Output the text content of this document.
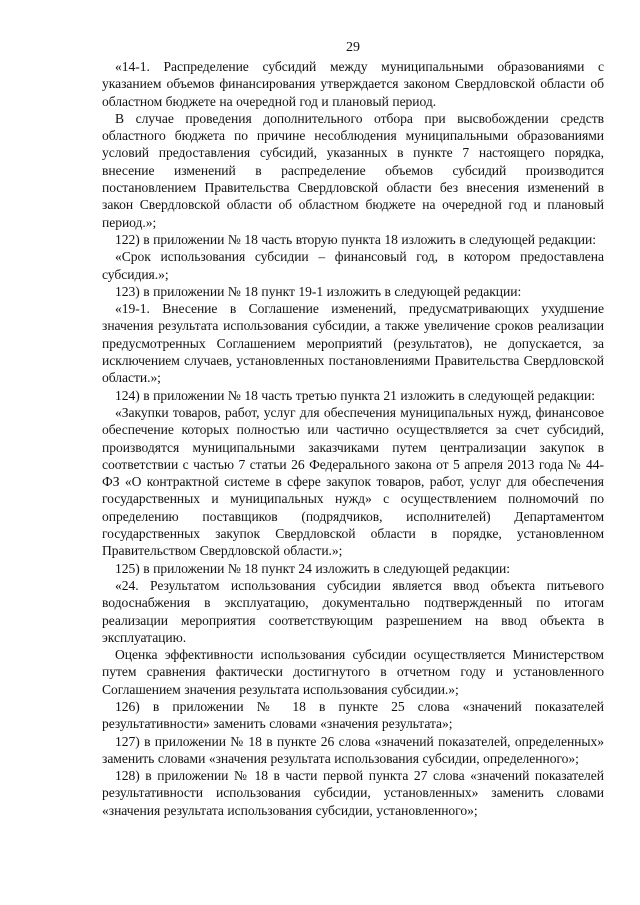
29

«14-1. Распределение субсидий между муниципальными образованиями с указанием объемов финансирования утверждается законом Свердловской области об областном бюджете на очередной год и плановый период.

В случае проведения дополнительного отбора при высвобождении средств областного бюджета по причине несоблюдения муниципальными образованиями условий предоставления субсидий, указанных в пункте 7 настоящего порядка, внесение изменений в распределение объемов субсидий производится постановлением Правительства Свердловской области без внесения изменений в закон Свердловской области об областном бюджете на очередной год и плановый период.»;

122) в приложении № 18 часть вторую пункта 18 изложить в следующей редакции:

«Срок использования субсидии – финансовый год, в котором предоставлена субсидия.»;

123) в приложении № 18 пункт 19-1 изложить в следующей редакции:

«19-1. Внесение в Соглашение изменений, предусматривающих ухудшение значения результата использования субсидии, а также увеличение сроков реализации предусмотренных Соглашением мероприятий (результатов), не допускается, за исключением случаев, установленных постановлениями Правительства Свердловской области.»;

124) в приложении № 18 часть третью пункта 21 изложить в следующей редакции:

«Закупки товаров, работ, услуг для обеспечения муниципальных нужд, финансовое обеспечение которых полностью или частично осуществляется за счет субсидий, производятся муниципальными заказчиками путем централизации закупок в соответствии с частью 7 статьи 26 Федерального закона от 5 апреля 2013 года № 44-ФЗ «О контрактной системе в сфере закупок товаров, работ, услуг для обеспечения государственных и муниципальных нужд» с осуществлением полномочий по определению поставщиков (подрядчиков, исполнителей) Департаментом государственных закупок Свердловской области в порядке, установленном Правительством Свердловской области.»;

125) в приложении № 18 пункт 24 изложить в следующей редакции:

«24. Результатом использования субсидии является ввод объекта питьевого водоснабжения в эксплуатацию, документально подтвержденный по итогам реализации мероприятия соответствующим разрешением на ввод объекта в эксплуатацию.

Оценка эффективности использования субсидии осуществляется Министерством путем сравнения фактически достигнутого в отчетном году и установленного Соглашением значения результата использования субсидии.»;

126) в приложении № 18 в пункте 25 слова «значений показателей результативности» заменить словами «значения результата»;

127) в приложении № 18 в пункте 26 слова «значений показателей, определенных» заменить словами «значения результата использования субсидии, определенного»;

128) в приложении № 18 в части первой пункта 27 слова «значений показателей результативности использования субсидии, установленных» заменить словами «значения результата использования субсидии, установленного»;
